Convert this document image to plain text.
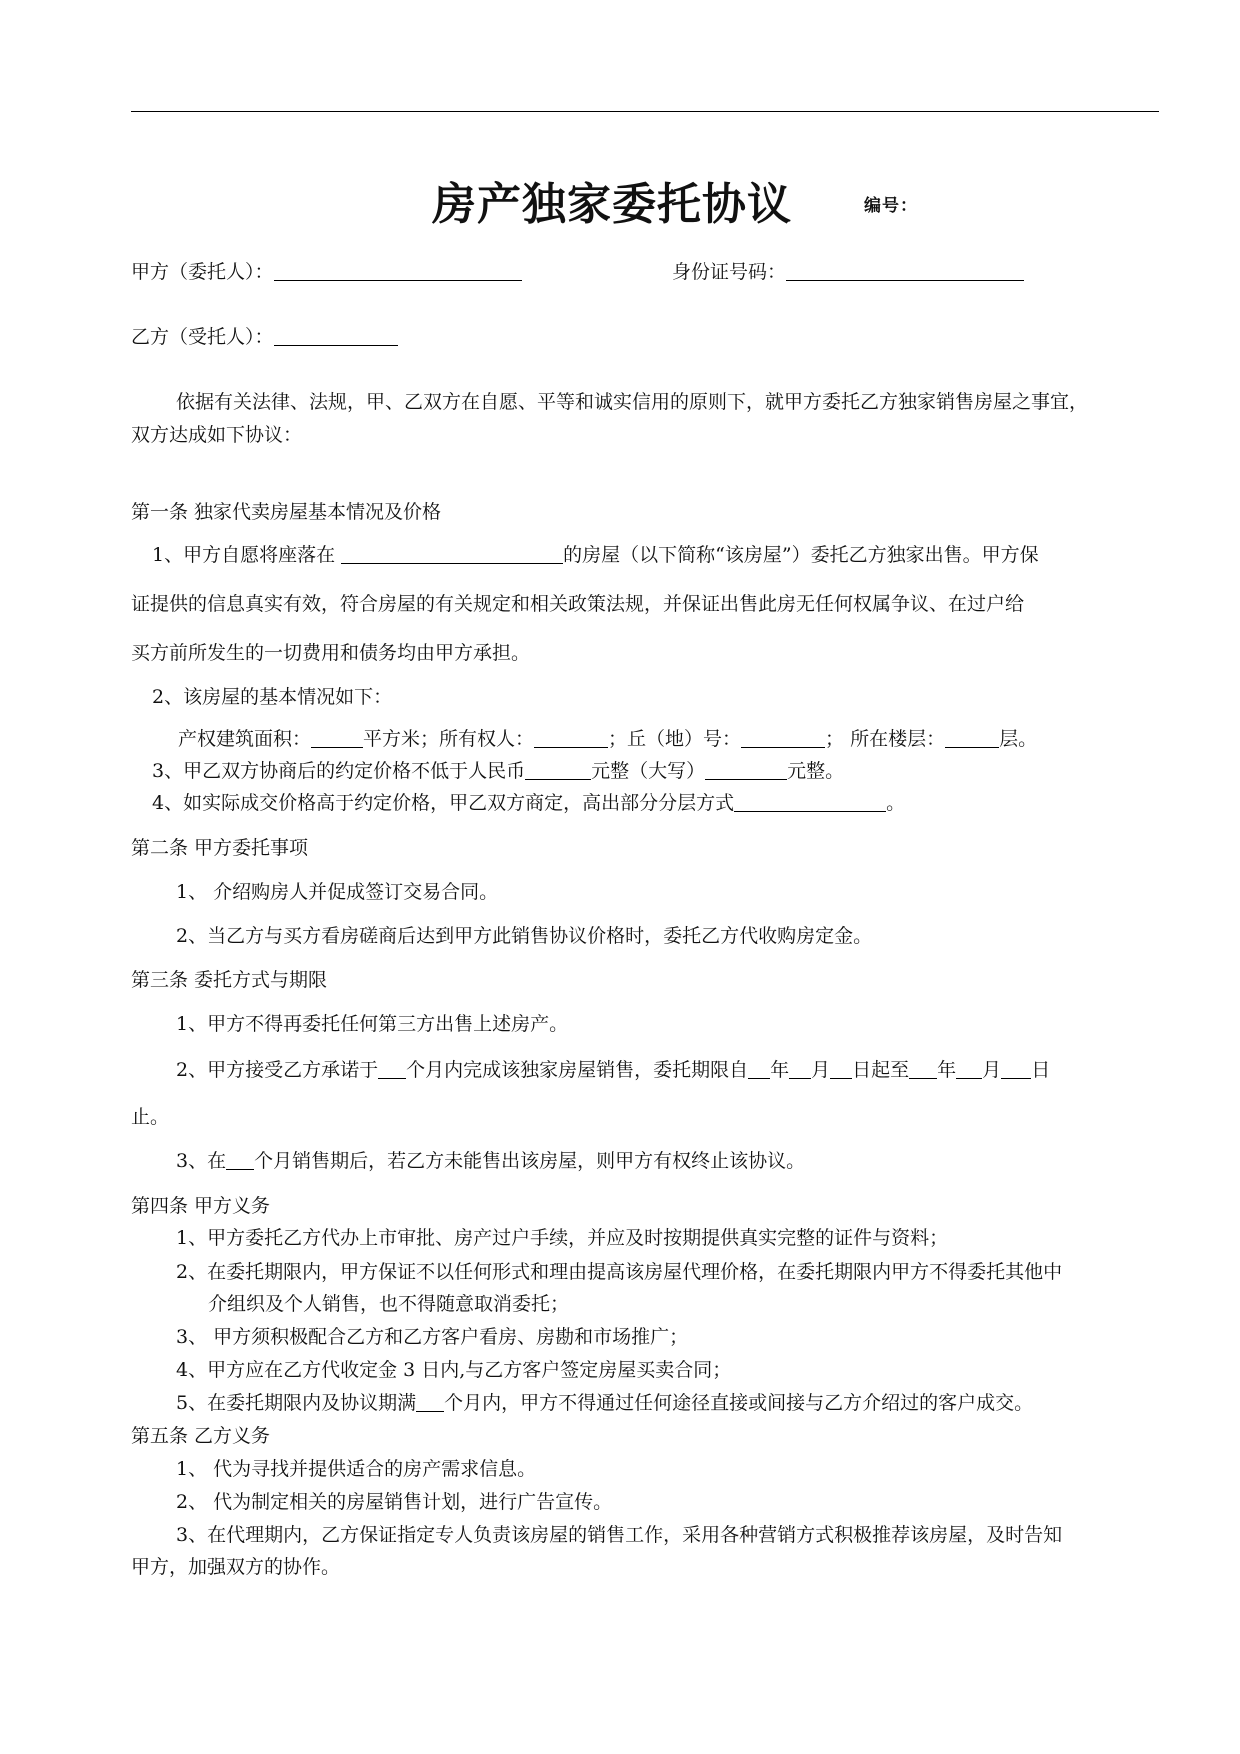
房产独家委托协议	编号：
甲方（委托人）：	身份证号码：
乙方（受托人）：
依据有关法律、法规，甲、乙双方在自愿、平等和诚实信用的原则下，就甲方委托乙方独家销售房屋之事宜，
双方达成如下协议：
第一条 独家代卖房屋基本情况及价格
1、甲方自愿将座落在	的房屋（以下简称“该房屋”）委托乙方独家出售。甲方保
证提供的信息真实有效，符合房屋的有关规定和相关政策法规，并保证出售此房无任何权属争议、在过户给
买方前所发生的一切费用和债务均由甲方承担。
2、该房屋的基本情况如下：
产权建筑面积：	平方米；所有权人：	；丘（地）号：	； 所在楼层：	层。
3、甲乙双方协商后的约定价格不低于人民币	元整（大写）	元整。
4、如实际成交价格高于约定价格，甲乙双方商定，高出部分分层方式	。
第二条 甲方委托事项
1、 介绍购房人并促成签订交易合同。
2、当乙方与买方看房磋商后达到甲方此销售协议价格时，委托乙方代收购房定金。
第三条 委托方式与期限
1、甲方不得再委托任何第三方出售上述房产。
2、甲方接受乙方承诺于 个月内完成该独家房屋销售，委托期限自 年 月 日起至 年 月 日
止。
3、在 个月销售期后，若乙方未能售出该房屋，则甲方有权终止该协议。
第四条 甲方义务
1、甲方委托乙方代办上市审批、房产过户手续，并应及时按期提供真实完整的证件与资料；
2、在委托期限内，甲方保证不以任何形式和理由提高该房屋代理价格，在委托期限内甲方不得委托其他中
介组织及个人销售，也不得随意取消委托；
3、 甲方须积极配合乙方和乙方客户看房、房勘和市场推广；
4、甲方应在乙方代收定金 3 日内,与乙方客户签定房屋买卖合同；
5、在委托期限内及协议期满 个月内，甲方不得通过任何途径直接或间接与乙方介绍过的客户成交。
第五条 乙方义务
1、 代为寻找并提供适合的房产需求信息。
2、 代为制定相关的房屋销售计划，进行广告宣传。
3、在代理期内，乙方保证指定专人负责该房屋的销售工作，采用各种营销方式积极推荐该房屋，及时告知
甲方，加强双方的协作。
